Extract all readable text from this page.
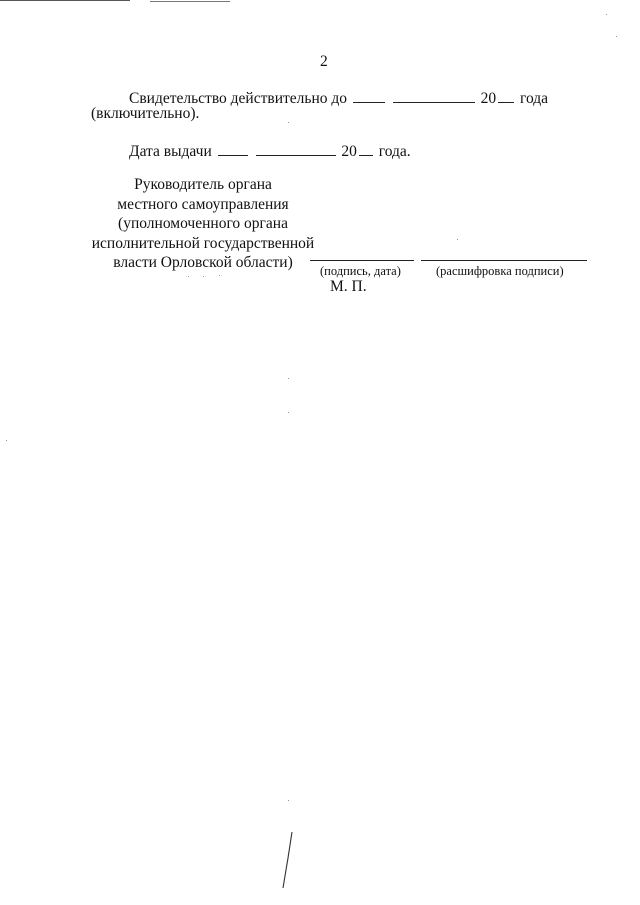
2
Свидетельство действительно до	20 года
(включительно).
Дата выдачи	20 года.
Руководитель органа
местного самоуправления
(уполномоченного органа
исполнительной государственной
власти Орловской области)	(подпись, дата)	(расшифровка подписи)
М. П.
